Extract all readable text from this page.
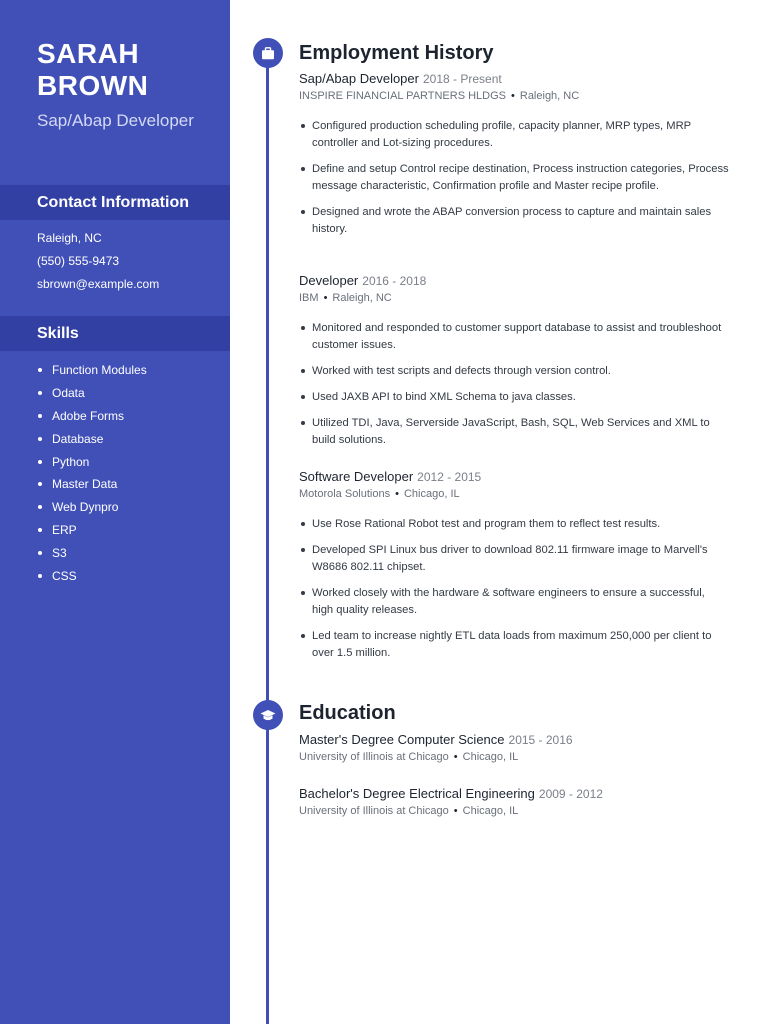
SARAH BROWN
Sap/Abap Developer
Contact Information
Raleigh, NC
(550) 555-9473
sbrown@example.com
Skills
Function Modules
Odata
Adobe Forms
Database
Python
Master Data
Web Dynpro
ERP
S3
CSS
Employment History
Sap/Abap Developer 2018 - Present
INSPIRE FINANCIAL PARTNERS HLDGS • Raleigh, NC
Configured production scheduling profile, capacity planner, MRP types, MRP controller and Lot-sizing procedures.
Define and setup Control recipe destination, Process instruction categories, Process message characteristic, Confirmation profile and Master recipe profile.
Designed and wrote the ABAP conversion process to capture and maintain sales history.
Developer 2016 - 2018
IBM • Raleigh, NC
Monitored and responded to customer support database to assist and troubleshoot customer issues.
Worked with test scripts and defects through version control.
Used JAXB API to bind XML Schema to java classes.
Utilized TDI, Java, Serverside JavaScript, Bash, SQL, Web Services and XML to build solutions.
Software Developer 2012 - 2015
Motorola Solutions • Chicago, IL
Use Rose Rational Robot test and program them to reflect test results.
Developed SPI Linux bus driver to download 802.11 firmware image to Marvell's W8686 802.11 chipset.
Worked closely with the hardware & software engineers to ensure a successful, high quality releases.
Led team to increase nightly ETL data loads from maximum 250,000 per client to over 1.5 million.
Education
Master's Degree Computer Science 2015 - 2016
University of Illinois at Chicago • Chicago, IL
Bachelor's Degree Electrical Engineering 2009 - 2012
University of Illinois at Chicago • Chicago, IL
